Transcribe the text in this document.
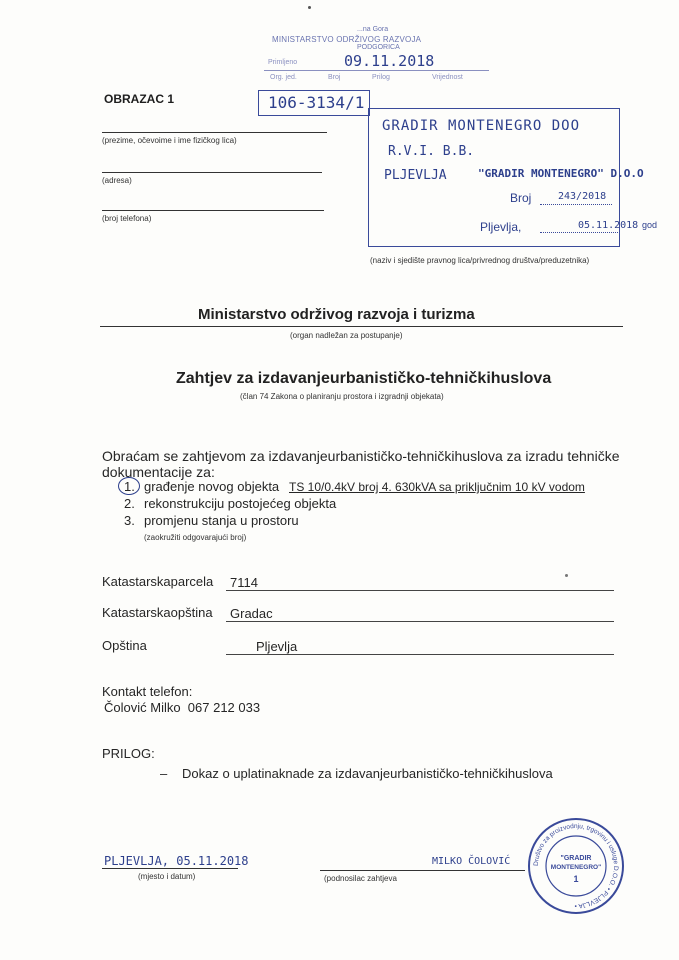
...na Gora
MINISTARSTVO ODRŽIVOG RAZVOJA
PODGORICA
Primljeno	09.11.2018
Org. jed.	Broj	Prilog	Vrijednost
106-3134/1
OBRAZAC 1
(prezime, očevoime i ime fizičkog lica)
(adresa)
(broj telefona)
GRADIR MONTENEGRO DOO
R.V.I. B.B.
PLJEVLJA	"GRADIR MONTENEGRO" D.O.O
Broj	243/2018
Pljevlja,	05.11.2018 god
(naziv i sjedište pravnog lica/privrednog društva/preduzetnika)
Ministarstvo održivog razvoja i turizma
(organ nadležan za postupanje)
Zahtjev za izdavanjeurbanističko-tehničkihuslova
(član 74 Zakona o planiranju prostora i izgradnji objekata)
Obraćam se zahtjevom za izdavanjeurbanističko-tehničkihuslova za izradu tehničke
dokumentacije za:
1. građenje novog objekta TS 10/0.4kV broj 4. 630kVA sa priključnim 10 kV vodom
2. rekonstrukciju postojećeg objekta
3. promjenu stanja u prostoru
(zaokružiti odgovarajući broj)
Katastarskaparcela 7114
Katastarskaopština Gradac
Opština	Pljevlja
Kontakt telefon:
Čolović Milko  067 212 033
PRILOG:
– Dokaz o uplatinaknade za izdavanjeurbanističko-tehničkihuslova
PLJEVLJA, 05.11.2018
(mjesto i datum)
MILKO ČOLOVIĆ
(podnosilac zahtjeva
Društvo za proizvodnju, trgovinu i usluge D.O.O. • PLJEVLJA •
"GRADIR
MONTENEGRO"
1
